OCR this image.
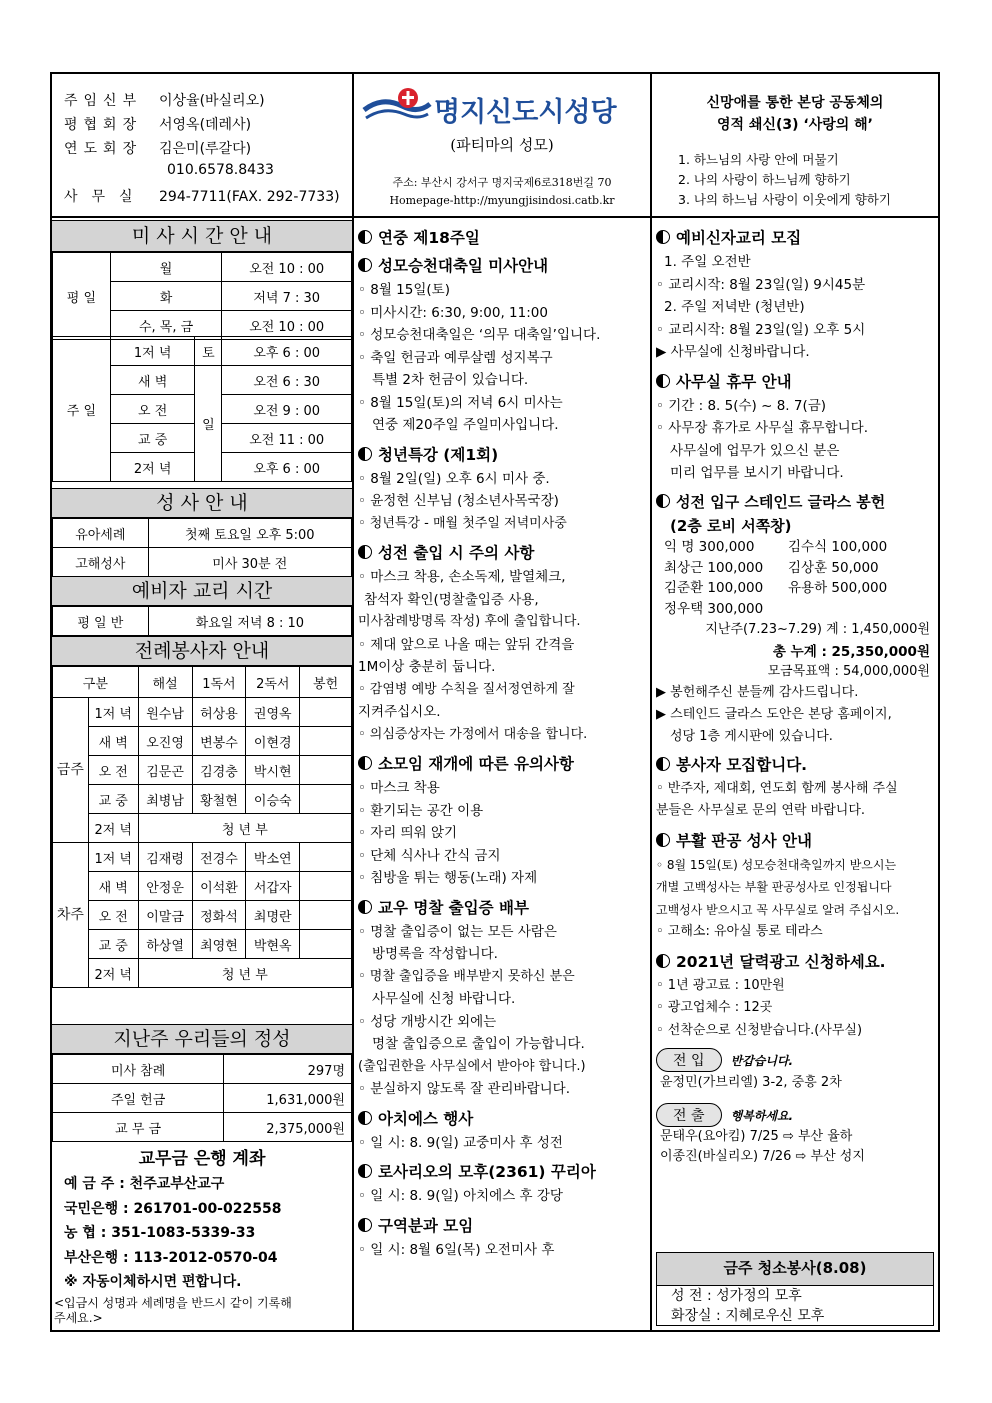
주임신부 이상율(바실리오)
평협회장 서영옥(데레사)
연도회장 김은미(루갈다)
010.6578.8433
사무실 294-7711(FAX. 292-7733)
명지신도시성당
(파티마의 성모)
주소: 부산시 강서구 명지국제6로318번길 70
Homepage-http://myungjisindosi.catb.kr
신망애를 통한 본당 공동체의
영적 쇄신(3) ‘사랑의 해’
1. 하느님의 사랑 안에 머물기
2. 나의 사랑이 하느님께 향하기
3. 나의 하느님 사랑이 이웃에게 향하기
미 사 시 간 안 내
평 일	월	오전 10 : 00
	화	저녁 7 : 30
	수, 목, 금	오전 10 : 00
주 일	1저 녁	토	오후 6 : 00
	새 벽	일	오전 6 : 30
	오 전		오전 9 : 00
	교 중		오전 11 : 00
	2저 녁		오후 6 : 00
성 사 안 내
유아세례	첫째 토요일 오후 5:00
고해성사	미사 30분 전
예비자 교리 시간
평 일 반	화요일 저녁 8 : 10
전례봉사자 안내
구분		해설	1독서	2독서	봉헌
금주	1저 녁	원수남	허상용	권영옥	
	새 벽	오진영	변봉수	이현경	
	오 전	김문곤	김경충	박시현	
	교 중	최병남	황철현	이승숙	
	2저 녁	청 년 부			
차주	1저 녁	김재령	전경수	박소연	
	새 벽	안정운	이석환	서갑자	
	오 전	이말금	정화석	최명란	
	교 중	하상열	최영현	박현옥	
	2저 녁	청 년 부			
지난주 우리들의 정성
미사 참례	297명
주일 헌금	1,631,000원
교 무 금	2,375,000원
교무금 은행 계좌
예 금 주 : 천주교부산교구
국민은행 : 261701-00-022558
농 협 : 351-1083-5339-33
부산은행 : 113-2012-0570-04
※ 자동이체하시면 편합니다.
<입금시 성명과 세례명을 반드시 같이 기록해
주세요.>
연중 제18주일
성모승천대축일 미사안내
◦ 8월 15일(토)
◦ 미사시간: 6:30, 9:00, 11:00
◦ 성모승천대축일은 ‘의무 대축일’입니다.
◦ 축일 헌금과 예루살렘 성지복구
특별 2차 헌금이 있습니다.
◦ 8월 15일(토)의 저녁 6시 미사는
연중 제20주일 주일미사입니다.
청년특강 (제1회)
◦ 8월 2일(일) 오후 6시 미사 중.
◦ 윤정현 신부님 (청소년사목국장)
◦ 청년특강 - 매월 첫주일 저녁미사중
성전 출입 시 주의 사항
◦ 마스크 착용, 손소독제, 발열체크,
참석자 확인(명찰출입증 사용,
미사참례방명록 작성) 후에 출입합니다.
◦ 제대 앞으로 나올 때는 앞뒤 간격을
1M이상 충분히 둡니다.
◦ 감염병 예방 수칙을 질서정연하게 잘
지켜주십시오.
◦ 의심증상자는 가정에서 대송을 합니다.
소모임 재개에 따른 유의사항
◦ 마스크 착용
◦ 환기되는 공간 이용
◦ 자리 띄워 앉기
◦ 단체 식사나 간식 금지
◦ 침방울 튀는 행동(노래) 자제
교우 명찰 출입증 배부
◦ 명찰 출입증이 없는 모든 사람은
방명록을 작성합니다.
◦ 명찰 출입증을 배부받지 못하신 분은
사무실에 신청 바랍니다.
◦ 성당 개방시간 외에는
명찰 출입증으로 출입이 가능합니다.
(출입권한을 사무실에서 받아야 합니다.)
◦ 분실하지 않도록 잘 관리바랍니다.
아치에스 행사
◦ 일 시: 8. 9(일) 교중미사 후 성전
로사리오의 모후(2361) 꾸리아
◦ 일 시: 8. 9(일) 아치에스 후 강당
구역분과 모임
◦ 일 시: 8월 6일(목) 오전미사 후
예비신자교리 모집
1. 주일 오전반
◦ 교리시작: 8월 23일(일) 9시45분
2. 주일 저녁반 (청년반)
◦ 교리시작: 8월 23일(일) 오후 5시
▶ 사무실에 신청바랍니다.
사무실 휴무 안내
◦ 기간 : 8. 5(수) ~ 8. 7(금)
◦ 사무장 휴가로 사무실 휴무합니다.
사무실에 업무가 있으신 분은
미리 업무를 보시기 바랍니다.
성전 입구 스테인드 글라스 봉헌
(2층 로비 서쪽창)
익 명 300,000	김수식 100,000
최상근 100,000	김상훈 50,000
김준환 100,000	유용하 500,000
정우택 300,000
지난주(7.23~7.29) 계 : 1,450,000원
총 누계 : 25,350,000원
모금목표액 : 54,000,000원
▶ 봉헌해주신 분들께 감사드립니다.
▶ 스테인드 글라스 도안은 본당 홈페이지,
성당 1층 게시판에 있습니다.
봉사자 모집합니다.
◦ 반주자, 제대회, 연도회 함께 봉사해 주실
분들은 사무실로 문의 연락 바랍니다.
부활 판공 성사 안내
◦ 8월 15일(토) 성모승천대축일까지 받으시는
개별 고백성사는 부활 판공성사로 인정됩니다
고백성사 받으시고 꼭 사무실로 알려 주십시오.
◦ 고해소: 유아실 통로 테라스
2021년 달력광고 신청하세요.
◦ 1년 광고료 : 10만원
◦ 광고업체수 : 12곳
◦ 선착순으로 신청받습니다.(사무실)
전 입 반갑습니다.
윤정민(가브리엘) 3-2, 중흥 2차
전 출 행복하세요.
문태우(요아킴) 7/25 ⇨ 부산 율하
이종진(바실리오) 7/26 ⇨ 부산 성지
금주 청소봉사(8.08)
성 전 : 성가정의 모후
화장실 : 지혜로우신 모후
